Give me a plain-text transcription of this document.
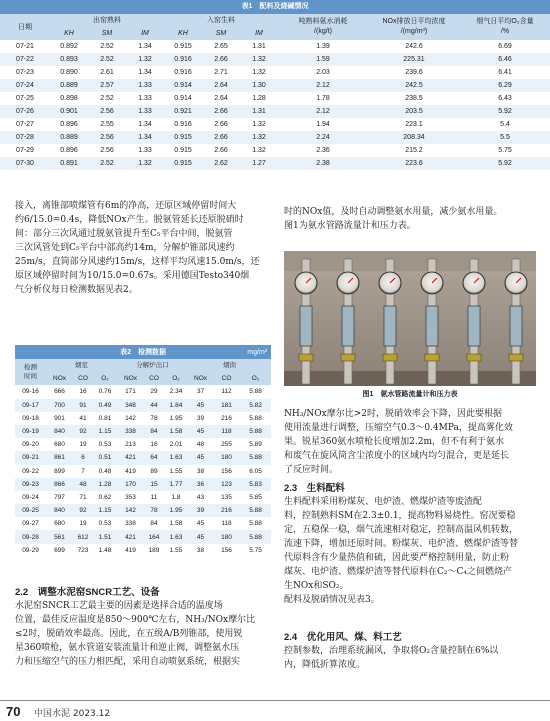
表1　配料及烧碱情况									
日期	出窑熟料			入窑生料			吨熟料氨水消耗
/(kg/t)	NOx排放日平均浓度
/(mg/m³)	烟气日平均O₂含量
/%
	KH	SM	IM	KH	SM	IM			
07-21	0.892	2.52	1.34	0.915	2.65	1.31	1.39	242.6	6.69
07-22	0.893	2.52	1.32	0.916	2.66	1.32	1.59	225.31	6.46
07-23	0.890	2.61	1.34	0.916	2.71	1.32	2.03	239.6	6.41
07-24	0.889	2.57	1.33	0.914	2.64	1.30	2.12	242.5	6.29
07-25	0.898	2.52	1.33	0.914	2.64	1.28	1.78	238.5	6.43
07-26	0.901	2.56	1.33	0.921	2.66	1.31	2.12	203.5	5.92
07-27	0.896	2.55	1.34	0.916	2.66	1.32	1.94	223.1	5.4
07-28	0.889	2.56	1.34	0.915	2.66	1.32	2.24	208.34	5.5
07-29	0.896	2.56	1.33	0.915	2.66	1.32	2.36	215.2	5.75
07-30	0.891	2.52	1.32	0.915	2.62	1.27	2.38	223.6	5.92

接入，离锥部喷煤管有6m的净高，还原区域停留时间大

约6/15.0=0.4s，降低NOx产生。脱氨管延长还原脱硝时

间：部分三次风通过脱氨管提升至C₅平台中间，脱氨管

三次风管处到C₅平台中部高约14m，分解炉锥部风速约

25m/s，直筒部分风速约15m/s，这样平均风速15.0m/s，还

原区域停留时间为10/15.0=0.67s。采用德国Testo340烟

气分析仪每日检测数据见表2。

表2　检测数据 mg/m³									

检测
时间	烟室			分解炉出口			烟囱		
	NOx	CO	O₂	NOx	CO	O₂	NOx	CO	O₂
09-16	666	16	0.76	171	29	2.34	37	112	5.88
09-17	700	91	0.49	348	44	1.84	45	181	5.82
09-18	901	41	0.81	142	78	1.95	39	216	5.88
09-19	840	92	1.15	338	84	1.58	45	118	5.88
09-20	680	19	0.53	213	16	2.01	48	255	5.89
09-21	861	6	0.51	421	64	1.63	45	180	5.88
09-22	899	7	0.48	419	89	1.55	38	156	6.05
09-23	866	48	1.28	170	15	1.77	36	123	5.83
09-24	797	71	0.62	353	11	1.8	43	135	5.85
09-25	840	92	1.15	142	78	1.95	39	216	5.88
09-27	680	19	0.53	338	84	1.58	45	118	5.88
09-28	561	612	1.51	421	164	1.63	45	180	5.88
09-29	699	723	1.48	419	189	1.55	38	156	5.75
2.2　调整水泥窑SNCR工艺、设备

水泥窑SNCR工艺最主要的因素是选择合适的温度场

位置，最佳反应温度是850～900℃左右，NH₃/NOx摩尔比

≤2时，脱硝效率最高。因此，在五级A/B列锥部，使用锐

星360喷枪，氨水管道安装流量计和逆止阀，调整氨水压

力和压缩空气的压力相匹配，采用自动喷氨系统，根据实

时的NOx值，及时自动调整氨水用量，减少氨水用量。

图1为氨水管路流量计和压力表。

图1　氨水管路流量计和压力表

NH₃/NOx摩尔比>2时，脱硝效率会下降，因此要根据

使用流量进行调整，压缩空气0.3～0.4MPa，提高雾化效

果。锐星360氨水喷枪长度增加2.2m，但不有利于氨水

和废气在旋风筒含尘浓度小的区域内均匀混合，更是延长

了反应时间。

2.3　生料配料

生料配料采用粉煤灰、电炉渣、燃煤炉渣等废渣配

料，控制熟料SM在2.3±0.1，提高物料易烧性。窑况要稳

定，五稳保一稳，烟气流速相对稳定，控制高温风机转数，

流速下降，增加还原时间。粉煤灰、电炉渣、燃煤炉渣等替

代原料含有少量热值和硫，因此要严格控制用量，防止粉

煤灰、电炉渣、燃煤炉渣等替代原料在C₂～C₄之间燃烧产

生NOx和SO₂。

配料及脱硝情况见表3。

2.4　优化用风、煤、料工艺

控制参数，治理系统漏风，争取将O₂含量控制在6%以

内，降低折算浓度。

70 中国水泥 2023.12
